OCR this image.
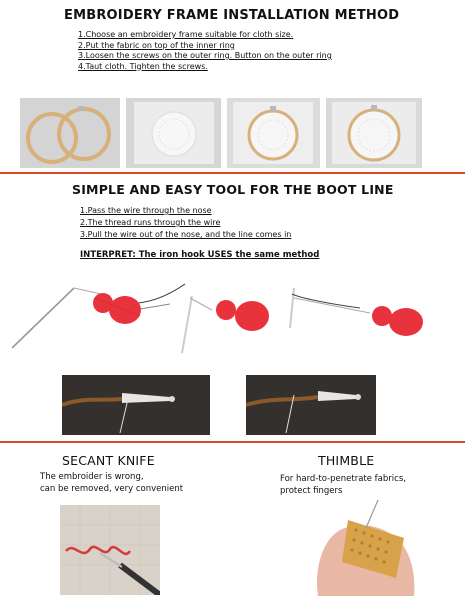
EMBROIDERY FRAME INSTALLATION METHOD
1.Choose an embroidery frame suitable for cloth size.
2.Put the fabric on top of the inner ring
3.Loosen the screws on the outer ring. Button on the outer ring
4.Taut cloth. Tighten the screws.
SIMPLE AND EASY TOOL FOR THE BOOT LINE
1.Pass the wire through the nose
2.The thread runs through the wire
3.Pull the wire out of the nose, and the line comes in
INTERPRET: The iron hook USES the same method
SECANT KNIFE
The embroider is wrong,
can be removed, very convenient
THIMBLE
For hard-to-penetrate fabrics,
protect fingers
